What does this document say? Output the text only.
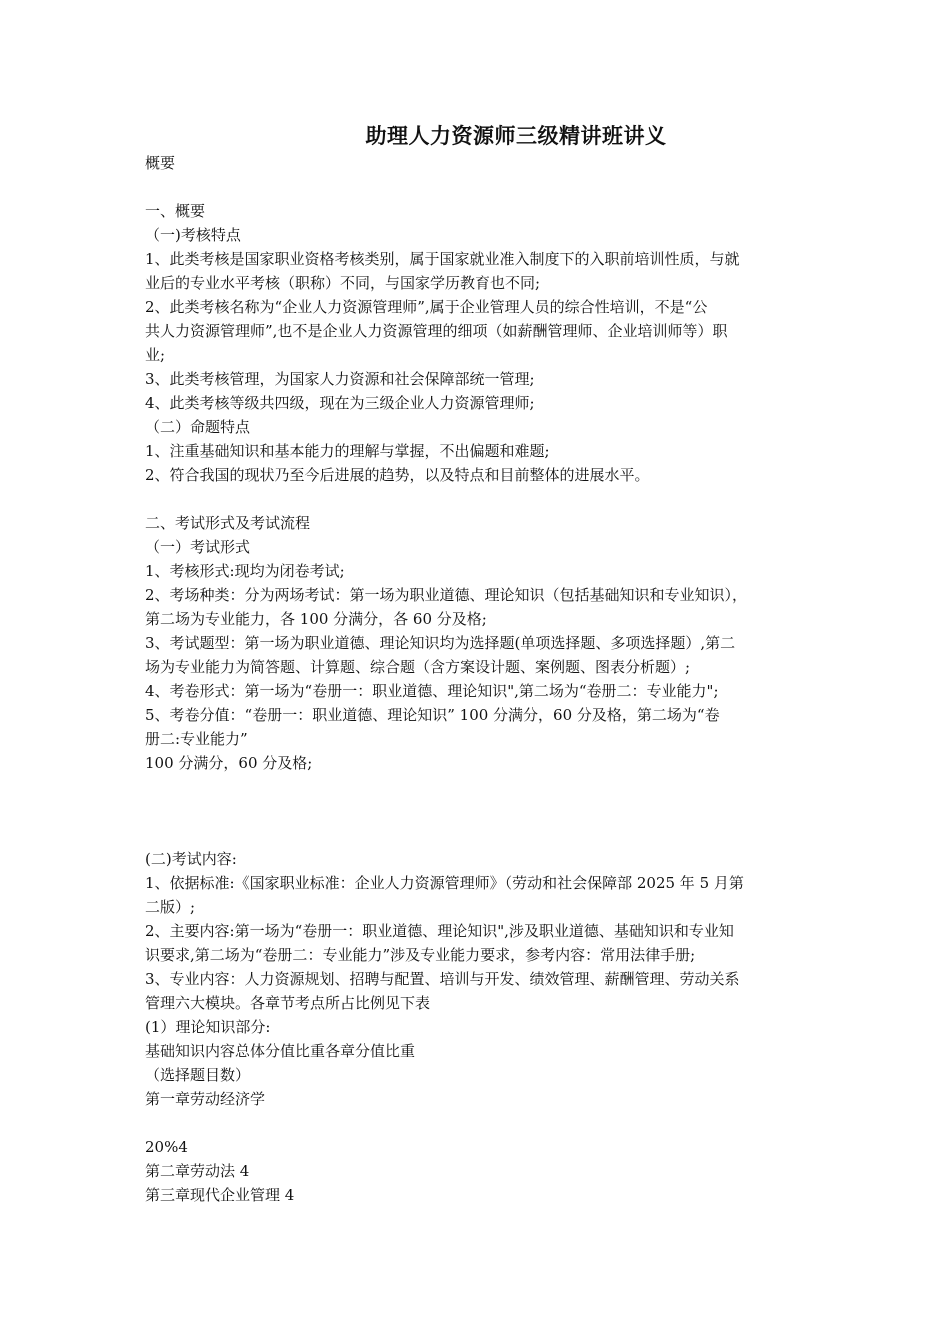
助理人力资源师三级精讲班讲义

概要

一、概要

（一)考核特点

1、此类考核是国家职业资格考核类别，属于国家就业准入制度下的入职前培训性质，与就

业后的专业水平考核（职称）不同，与国家学历教育也不同;

2、此类考核名称为“企业人力资源管理师”,属于企业管理人员的综合性培训，不是“公

共人力资源管理师”,也不是企业人力资源管理的细项（如薪酬管理师、企业培训师等）职

业;

3、此类考核管理，为国家人力资源和社会保障部统一管理;

4、此类考核等级共四级，现在为三级企业人力资源管理师;

（二）命题特点

1、注重基础知识和基本能力的理解与掌握，不出偏题和难题;

2、符合我国的现状乃至今后进展的趋势，以及特点和目前整体的进展水平。

二、考试形式及考试流程

（一）考试形式

1、考核形式:现均为闭卷考试;

2、考场种类：分为两场考试：第一场为职业道德、理论知识（包括基础知识和专业知识），

第二场为专业能力，各 100 分满分，各 60 分及格;

3、考试题型：第一场为职业道德、理论知识均为选择题(单项选择题、多项选择题）,第二

场为专业能力为简答题、计算题、综合题（含方案设计题、案例题、图表分析题）;

4、考卷形式：第一场为“卷册一：职业道德、理论知识",第二场为“卷册二：专业能力";

5、考卷分值：“卷册一：职业道德、理论知识” 100 分满分，60 分及格，第二场为“卷

册二:专业能力”

100 分满分，60 分及格;

(二)考试内容:

1、依据标准:《国家职业标准：企业人力资源管理师》（劳动和社会保障部 2025 年 5 月第

二版）;

2、主要内容:第一场为“卷册一：职业道德、理论知识",涉及职业道德、基础知识和专业知

识要求,第二场为“卷册二：专业能力”涉及专业能力要求，参考内容：常用法律手册;

3、专业内容：人力资源规划、招聘与配置、培训与开发、绩效管理、薪酬管理、劳动关系

管理六大模块。各章节考点所占比例见下表

(1）理论知识部分:

基础知识内容总体分值比重各章分值比重

（选择题目数）

第一章劳动经济学

20%4

第二章劳动法 4

第三章现代企业管理 4
